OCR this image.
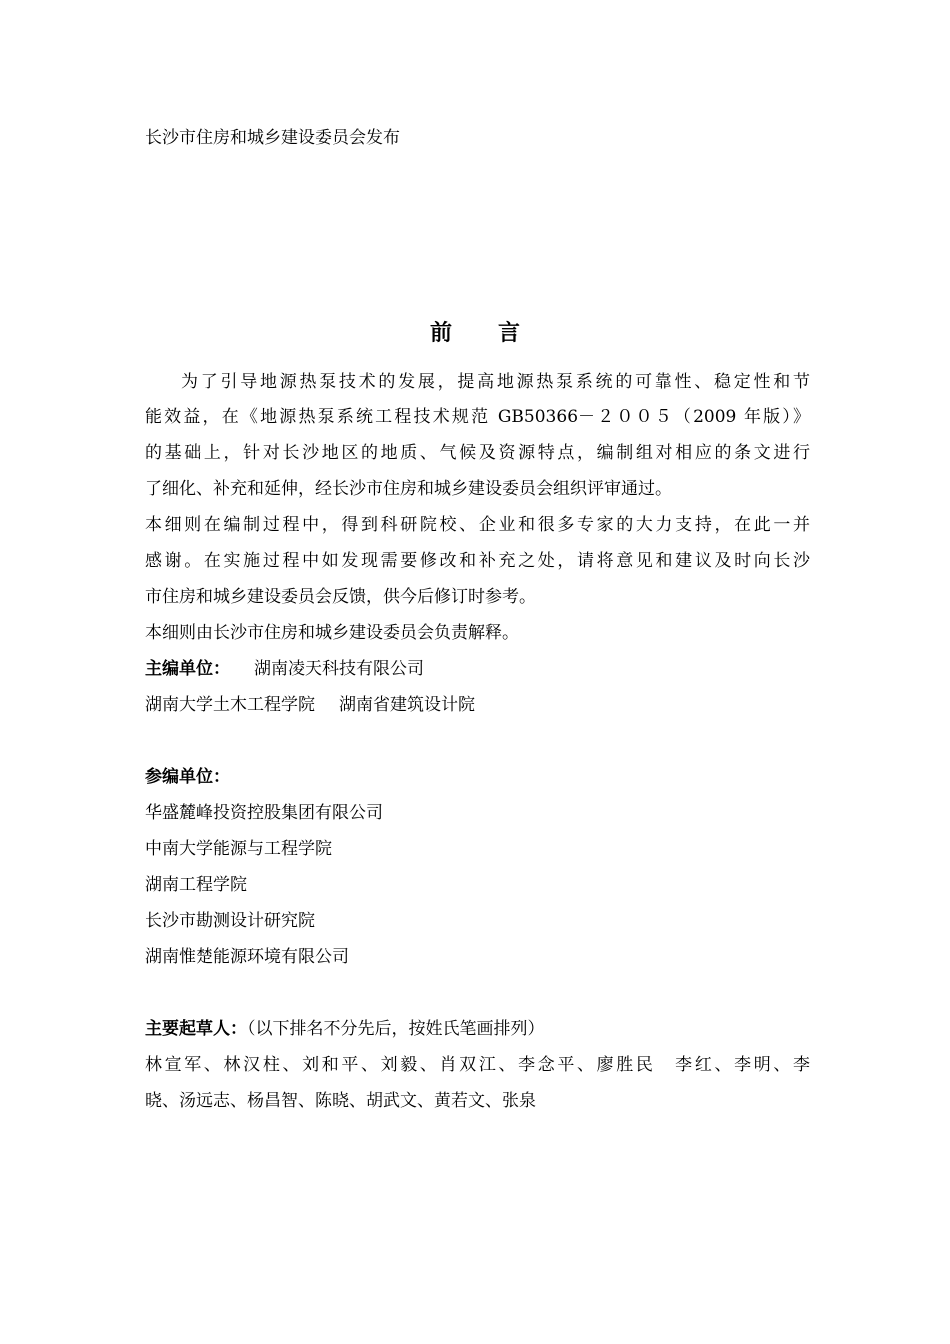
长沙市住房和城乡建设委员会发布
前言
为了引导地源热泵技术的发展，提高地源热泵系统的可靠性、稳定性和节
能效益，在《地源热泵系统工程技术规范 GB50366－２００５（2009 年版）》
的基础上，针对长沙地区的地质、气候及资源特点，编制组对相应的条文进行
了细化、补充和延伸，经长沙市住房和城乡建设委员会组织评审通过。
本细则在编制过程中，得到科研院校、企业和很多专家的大力支持，在此一并
感谢。在实施过程中如发现需要修改和补充之处，请将意见和建议及时向长沙
市住房和城乡建设委员会反馈，供今后修订时参考。
本细则由长沙市住房和城乡建设委员会负责解释。
主编单位： 湖南凌天科技有限公司
湖南大学土木工程学院 湖南省建筑设计院
参编单位：
华盛麓峰投资控股集团有限公司
中南大学能源与工程学院
湖南工程学院
长沙市勘测设计研究院
湖南惟楚能源环境有限公司
主要起草人：（以下排名不分先后，按姓氏笔画排列）
林宣军、林汉柱、刘和平、刘毅、肖双江、李念平、廖胜民　李红、李明、李
晓、汤远志、杨昌智、陈晓、胡武文、黄若文、张泉
